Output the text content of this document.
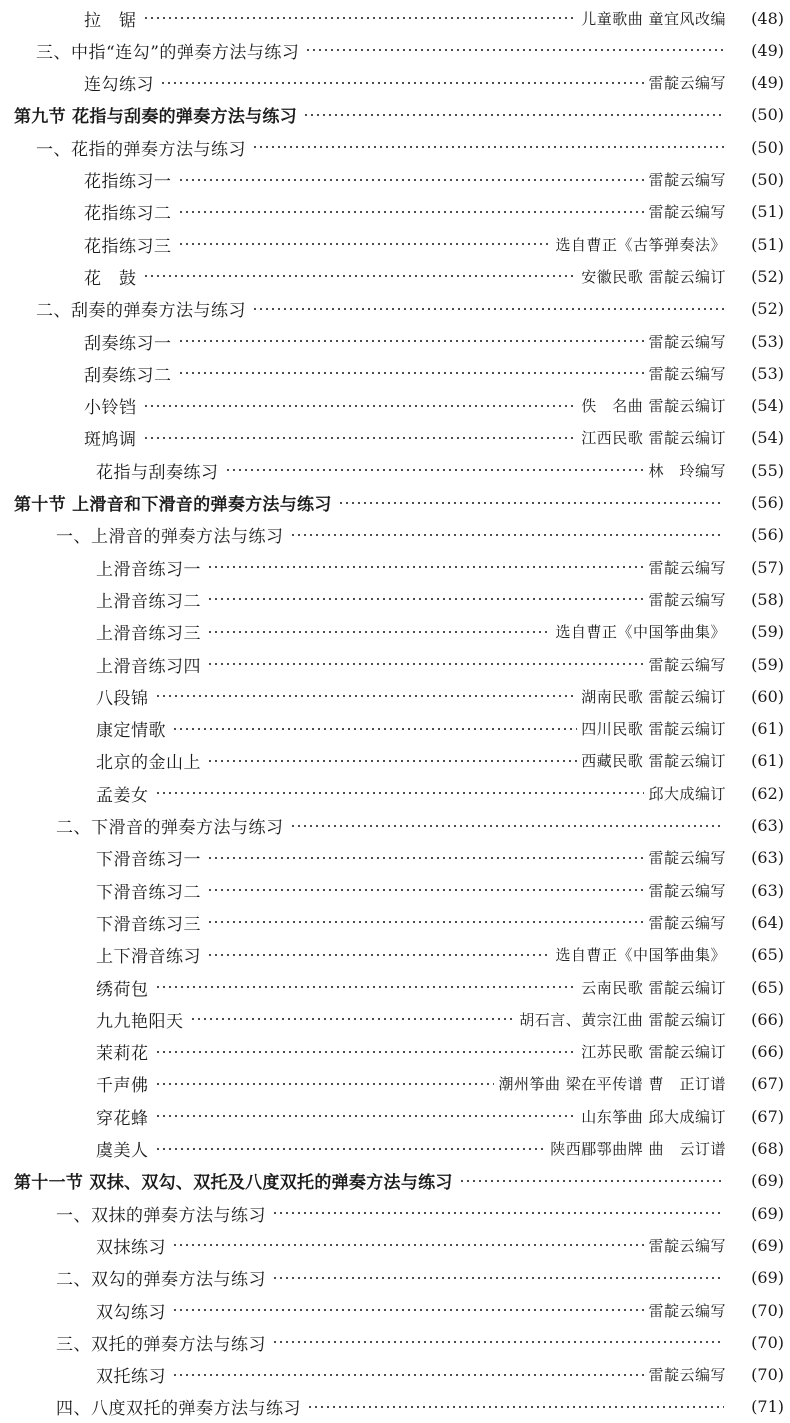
拉　锯	儿童歌曲 童宜风改编	(48)
三、中指“连勾”的弹奏方法与练习	(49)
连勾练习	雷靛云编写	(49)
第九节 花指与刮奏的弹奏方法与练习	(50)
一、花指的弹奏方法与练习	(50)
花指练习一	雷靛云编写	(50)
花指练习二	雷靛云编写	(51)
花指练习三	选自曹正《古筝弹奏法》	(51)
花　鼓	安徽民歌 雷靛云编订	(52)
二、刮奏的弹奏方法与练习	(52)
刮奏练习一	雷靛云编写	(53)
刮奏练习二	雷靛云编写	(53)
小铃铛	佚　名曲 雷靛云编订	(54)
斑鸠调	江西民歌 雷靛云编订	(54)
花指与刮奏练习	林　玲编写	(55)
第十节 上滑音和下滑音的弹奏方法与练习	(56)
一、上滑音的弹奏方法与练习	(56)
上滑音练习一	雷靛云编写	(57)
上滑音练习二	雷靛云编写	(58)
上滑音练习三	选自曹正《中国筝曲集》	(59)
上滑音练习四	雷靛云编写	(59)
八段锦	湖南民歌 雷靛云编订	(60)
康定情歌	四川民歌 雷靛云编订	(61)
北京的金山上	西藏民歌 雷靛云编订	(61)
孟姜女	邱大成编订	(62)
二、下滑音的弹奏方法与练习	(63)
下滑音练习一	雷靛云编写	(63)
下滑音练习二	雷靛云编写	(63)
下滑音练习三	雷靛云编写	(64)
上下滑音练习	选自曹正《中国筝曲集》	(65)
绣荷包	云南民歌 雷靛云编订	(65)
九九艳阳天	胡石言、黄宗江曲 雷靛云编订	(66)
茉莉花	江苏民歌 雷靛云编订	(66)
千声佛	潮州筝曲 梁在平传谱 曹　正订谱	(67)
穿花蜂	山东筝曲 邱大成编订	(67)
虞美人	陕西郿鄠曲牌 曲　云订谱	(68)
第十一节 双抹、双勾、双托及八度双托的弹奏方法与练习	(69)
一、双抹的弹奏方法与练习	(69)
双抹练习	雷靛云编写	(69)
二、双勾的弹奏方法与练习	(69)
双勾练习	雷靛云编写	(70)
三、双托的弹奏方法与练习	(70)
双托练习	雷靛云编写	(70)
四、八度双托的弹奏方法与练习	(71)
